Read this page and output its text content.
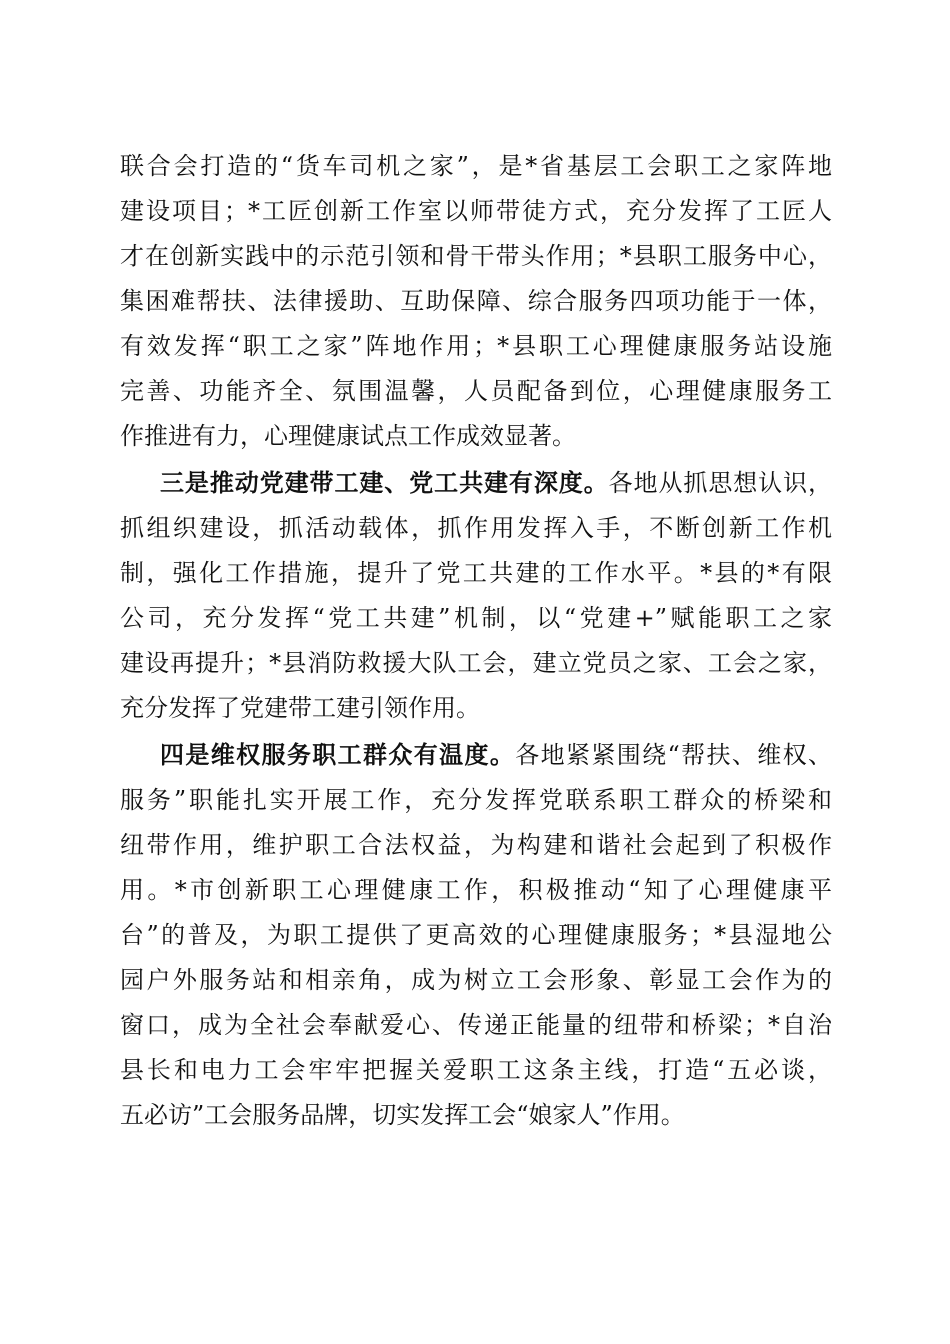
联合会打造的“货车司机之家”，是*省基层工会职工之家阵地
建设项目；*工匠创新工作室以师带徒方式，充分发挥了工匠人
才在创新实践中的示范引领和骨干带头作用；*县职工服务中心，
集困难帮扶、法律援助、互助保障、综合服务四项功能于一体，
有效发挥“职工之家”阵地作用；*县职工心理健康服务站设施
完善、功能齐全、氛围温馨，人员配备到位，心理健康服务工
作推进有力，心理健康试点工作成效显著。
三是推动党建带工建、党工共建有深度。各地从抓思想认识，
抓组织建设，抓活动载体，抓作用发挥入手，不断创新工作机
制，强化工作措施，提升了党工共建的工作水平。*县的*有限
公司，充分发挥“党工共建”机制，以“党建+”赋能职工之家
建设再提升；*县消防救援大队工会，建立党员之家、工会之家，
充分发挥了党建带工建引领作用。
四是维权服务职工群众有温度。各地紧紧围绕“帮扶、维权、
服务”职能扎实开展工作，充分发挥党联系职工群众的桥梁和
纽带作用，维护职工合法权益，为构建和谐社会起到了积极作
用。*市创新职工心理健康工作，积极推动“知了心理健康平
台”的普及，为职工提供了更高效的心理健康服务；*县湿地公
园户外服务站和相亲角，成为树立工会形象、彰显工会作为的
窗口，成为全社会奉献爱心、传递正能量的纽带和桥梁；*自治
县长和电力工会牢牢把握关爱职工这条主线，打造“五必谈，
五必访”工会服务品牌，切实发挥工会“娘家人”作用。
